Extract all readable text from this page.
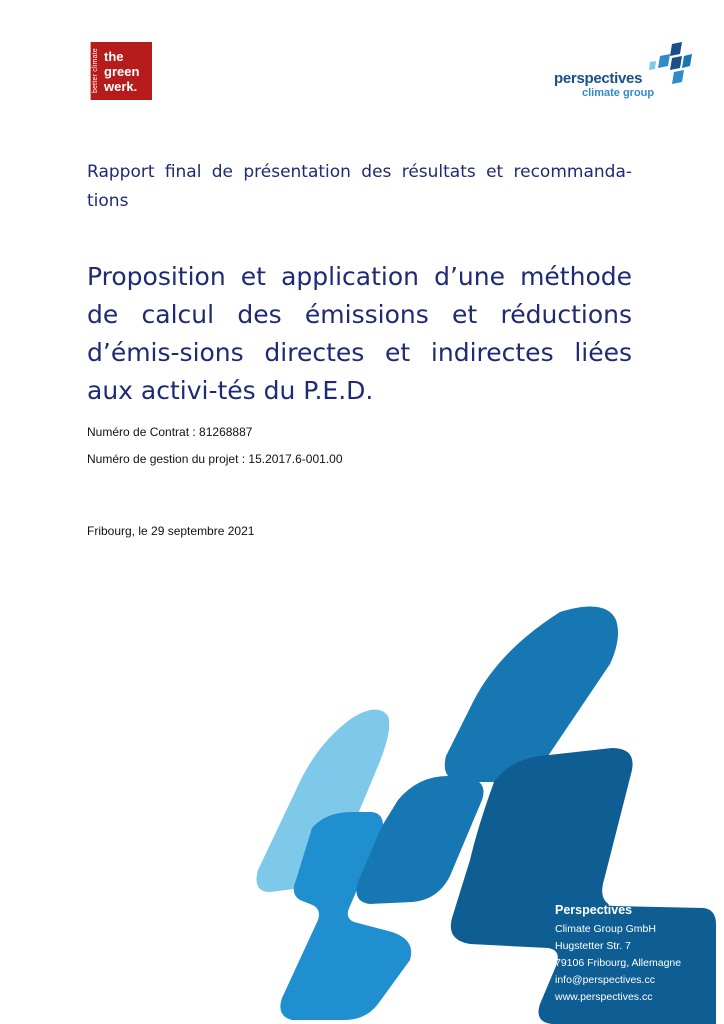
better climate the
green
werk.	perspectives
climate group
Rapport final de présentation des résultats et recommanda-tions
Proposition et application d’une méthode de calcul des émissions et réductions d’émis-sions directes et indirectes liées aux activi-tés du P.E.D.
Numéro de Contrat : 81268887
Numéro de gestion du projet : 15.2017.6-001.00
Fribourg, le 29 septembre 2021
Perspectives
Climate Group GmbH
Hugstetter Str. 7
79106 Fribourg, Allemagne
info@perspectives.cc
www.perspectives.cc
